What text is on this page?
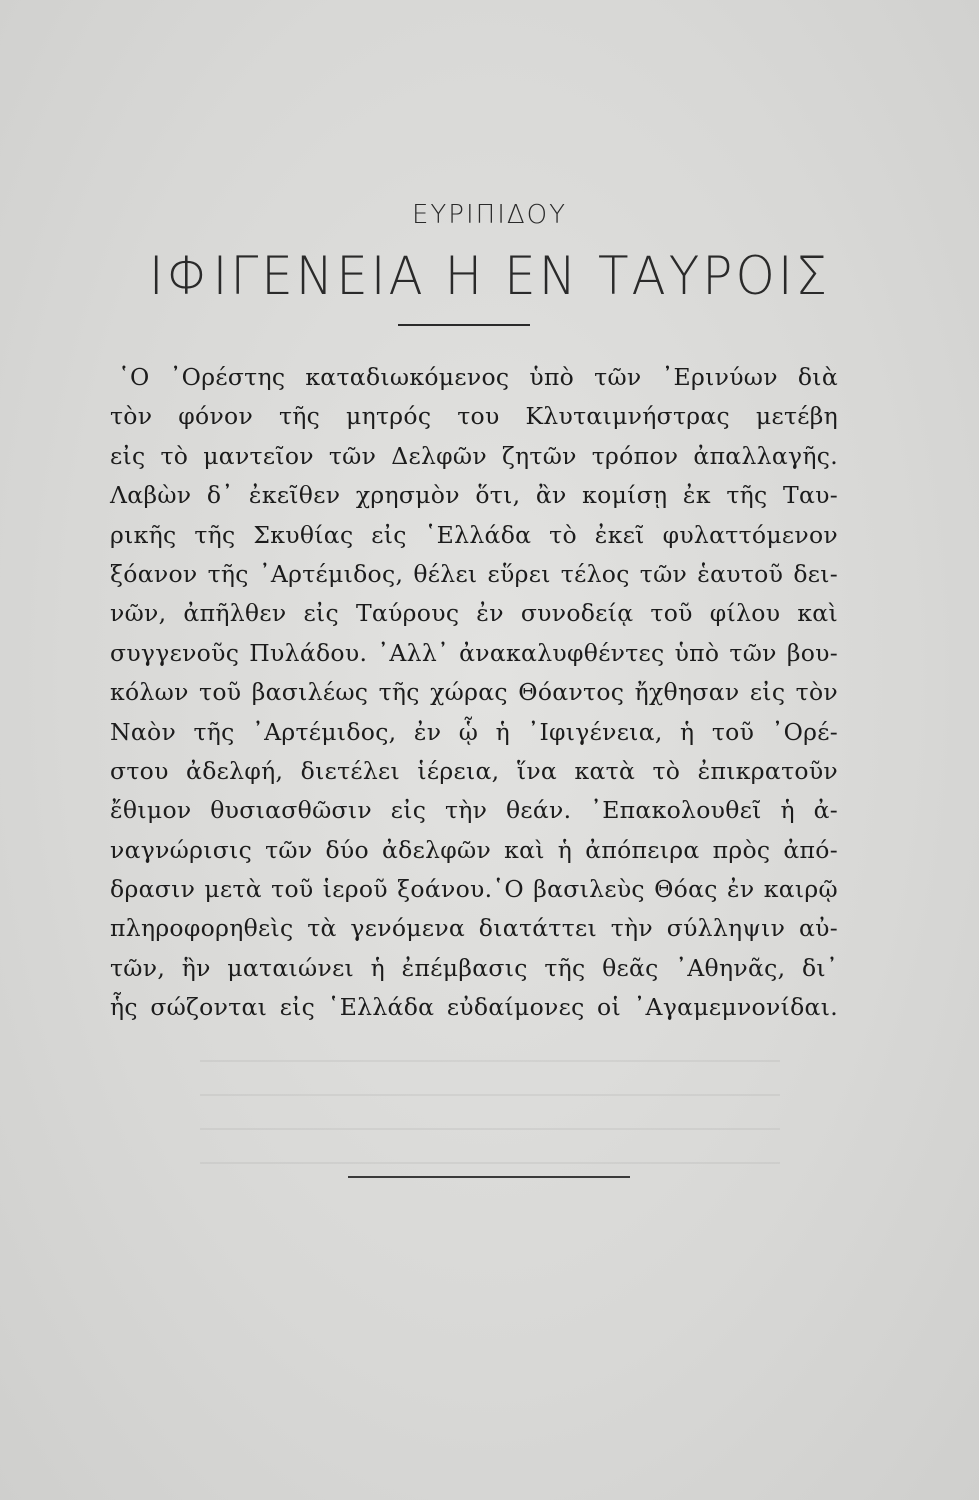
ΕΥΡΙΠΙΔΟΥ
ΙΦΙΓΕΝΕΙΑ Η ΕΝ ΤΑΥΡΟΙΣ
῾Ο ᾿Ορέστης καταδιωκόμενος ὑπὸ τῶν ᾿Ερινύων διὰ
τὸν φόνον τῆς μητρός του Κλυταιμνήστρας μετέβη
εἰς τὸ μαντεῖον τῶν Δελφῶν ζητῶν τρόπον ἀπαλλαγῆς.
Λαβὼν δ᾿ ἐκεῖθεν χρησμὸν ὅτι, ἂν κομίσῃ ἐκ τῆς Ταυ-
ρικῆς τῆς Σκυθίας εἰς ῾Ελλάδα τὸ ἐκεῖ φυλαττόμενον
ξόανον τῆς ᾿Αρτέμιδος, θέλει εὕρει τέλος τῶν ἑαυτοῦ δει-
νῶν, ἀπῆλθεν εἰς Ταύρους ἐν συνοδείᾳ τοῦ φίλου καὶ
συγγενοῦς Πυλάδου. ᾿Αλλ᾿ ἀνακαλυφθέντες ὑπὸ τῶν βου-
κόλων τοῦ βασιλέως τῆς χώρας Θόαντος ἤχθησαν εἰς τὸν
Ναὸν τῆς ᾿Αρτέμιδος, ἐν ᾧ ἡ ᾿Ιφιγένεια, ἡ τοῦ ᾿Ορέ-
στου ἀδελφή, διετέλει ἱέρεια, ἵνα κατὰ τὸ ἐπικρατοῦν
ἔθιμον θυσιασθῶσιν εἰς τὴν θεάν. ᾿Επακολουθεῖ ἡ ἀ-
ναγνώρισις τῶν δύο ἀδελφῶν καὶ ἡ ἀπόπειρα πρὸς ἀπό-
δρασιν μετὰ τοῦ ἱεροῦ ξοάνου.῾Ο βασιλεὺς Θόας ἐν καιρῷ
πληροφορηθεὶς τὰ γενόμενα διατάττει τὴν σύλληψιν αὐ-
τῶν, ἣν ματαιώνει ἡ ἐπέμβασις τῆς θεᾶς ᾿Αθηνᾶς, δι᾿
ἧς σώζονται εἰς ῾Ελλάδα εὐδαίμονες οἱ ᾿Αγαμεμνονίδαι.
